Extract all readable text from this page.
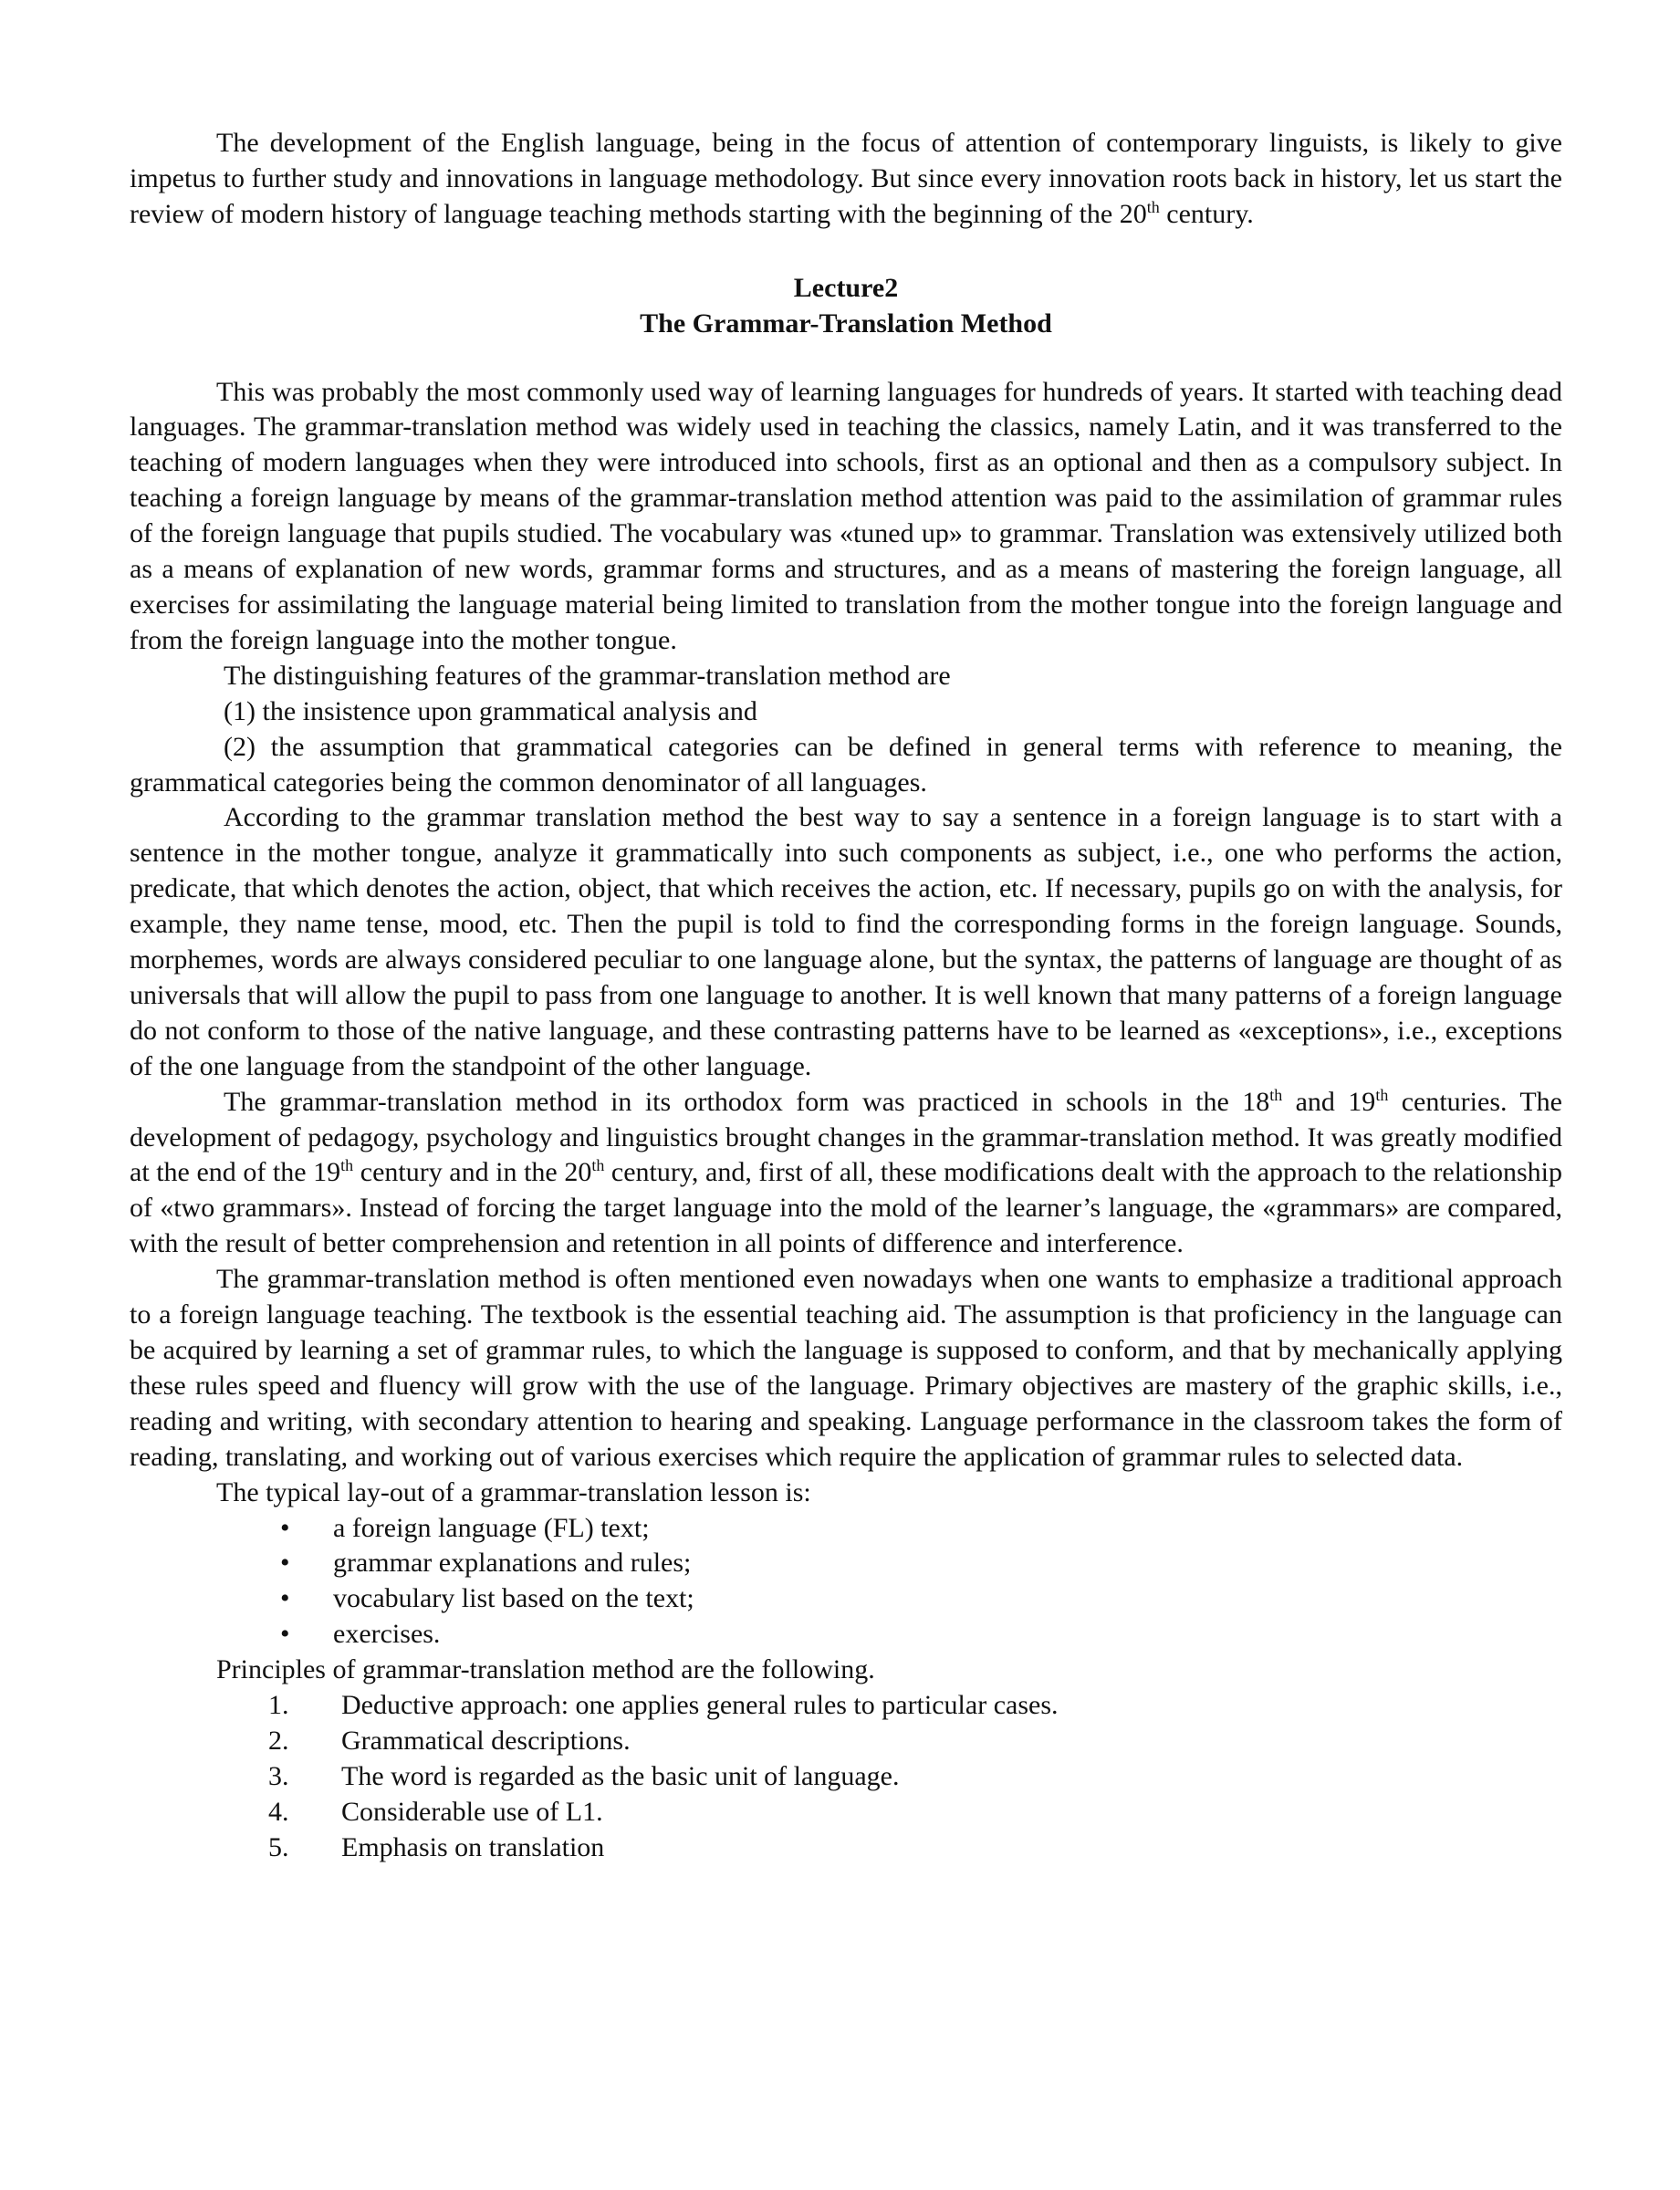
The development of the English language, being in the focus of attention of contemporary linguists, is likely to give impetus to further study and innovations in language methodology. But since every innovation roots back in history, let us start the review of modern history of language teaching methods starting with the beginning of the 20th century.

Lecture2

The Grammar-Translation Method

This was probably the most commonly used way of learning languages for hundreds of years. It started with teaching dead languages. The grammar-translation method was widely used in teaching the classics, namely Latin, and it was transferred to the teaching of modern languages when they were introduced into schools, first as an optional and then as a compulsory subject. In teaching a foreign language by means of the grammar-translation method attention was paid to the assimilation of grammar rules of the foreign language that pupils studied. The vocabulary was «tuned up» to grammar. Translation was extensively utilized both as a means of explanation of new words, grammar forms and structures, and as a means of mastering the foreign language, all exercises for assimilating the language material being limited to translation from the mother tongue into the foreign language and from the foreign language into the mother tongue.

The distinguishing features of the grammar-translation method are

(1) the insistence upon grammatical analysis and

(2) the assumption that grammatical categories can be defined in general terms with reference to meaning, the grammatical categories being the common denominator of all languages.

According to the grammar translation method the best way to say a sentence in a foreign language is to start with a sentence in the mother tongue, analyze it grammatically into such components as subject, i.e., one who performs the action, predicate, that which denotes the action, object, that which receives the action, etc. If necessary, pupils go on with the analysis, for example, they name tense, mood, etc. Then the pupil is told to find the corresponding forms in the foreign language. Sounds, morphemes, words are always considered peculiar to one language alone, but the syntax, the patterns of language are thought of as universals that will allow the pupil to pass from one language to another. It is well known that many patterns of a foreign language do not conform to those of the native language, and these contrasting patterns have to be learned as «exceptions», i.e., exceptions of the one language from the standpoint of the other language.

The grammar-translation method in its orthodox form was practiced in schools in the 18th and 19th centuries. The development of pedagogy, psychology and linguistics brought changes in the grammar-translation method. It was greatly modified at the end of the 19th century and in the 20th century, and, first of all, these modifications dealt with the approach to the relationship of «two grammars». Instead of forcing the target language into the mold of the learner’s language, the «grammars» are compared, with the result of better comprehension and retention in all points of difference and interference.

The grammar-translation method is often mentioned even nowadays when one wants to emphasize a traditional approach to a foreign language teaching. The textbook is the essential teaching aid. The assumption is that proficiency in the language can be acquired by learning a set of grammar rules, to which the language is supposed to conform, and that by mechanically applying these rules speed and fluency will grow with the use of the language. Primary objectives are mastery of the graphic skills, i.e., reading and writing, with secondary attention to hearing and speaking. Language performance in the classroom takes the form of reading, translating, and working out of various exercises which require the application of grammar rules to selected data.

The typical lay-out of a grammar-translation lesson is:

• a foreign language (FL) text;
• grammar explanations and rules;
• vocabulary list based on the text;
• exercises.

Principles of grammar-translation method are the following.

1. Deductive approach: one applies general rules to particular cases.
2. Grammatical descriptions.
3. The word is regarded as the basic unit of language.
4. Considerable use of L1.
5. Emphasis on translation
